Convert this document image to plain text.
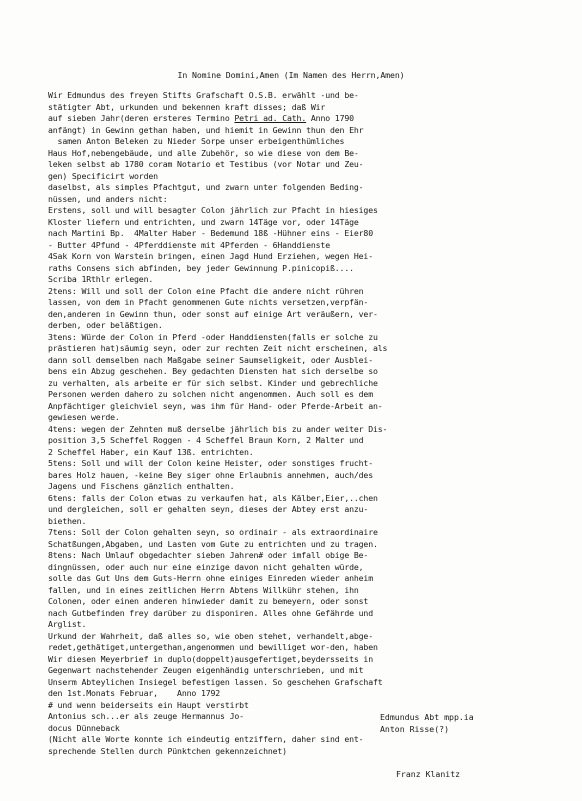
In Nomine Domini,Amen (Im Namen des Herrn,Amen)
Wir Edmundus des freyen Stifts Grafschaft O.S.B. erwählt -und be-
stätigter Abt, urkunden und bekennen kraft disses; daß Wir
auf sieben Jahr(deren ersteres Termino Petri ad. Cath. Anno 1790
anfängt) in Gewinn gethan haben, und hiemit in Gewinn thun den Ehr
samen Anton Beleken zu Nieder Sorpe unser erbeigenthümliches
Haus Hof,nebengebäude, und alle Zubehör, so wie diese von dem Be-
leken selbst ab 1780 coram Notario et Testibus (vor Notar und Zeu-
gen) Specificirt worden
daselbst, als simples Pfachtgut, und zwarn unter folgenden Beding-
nüssen, und anders nicht:
Erstens, soll und will besagter Colon jährlich zur Pfacht in hiesiges
Kloster liefern und entrichten, und zwarn 14Täge vor, oder 14Täge
nach Martini Bp.  4Malter Haber - Bedemund 18ß -Hühner eins - Eier80
- Butter 4Pfund - 4Pferddienste mit 4Pferden - 6Handdienste
4Sak Korn von Warstein bringen, einen Jagd Hund Erziehen, wegen Hei-
raths Consens sich abfinden, bey jeder Gewinnung P.pinicopiß....
Scriba 1Rthlr erlegen.
2tens: Will und soll der Colon eine Pfacht die andere nicht rühren
lassen, von dem in Pfacht genommenen Gute nichts versetzen,verpfän-
den,anderen in Gewinn thun, oder sonst auf einige Art veräußern, ver-
derben, oder beläßtigen.
3tens: Würde der Colon in Pferd -oder Handdiensten(falls er solche zu
prästieren hat)säumig seyn, oder zur rechten Zeit nicht erscheinen, als
dann soll demselben nach Maßgabe seiner Saumseligkeit, oder Ausblei-
bens ein Abzug geschehen. Bey gedachten Diensten hat sich derselbe so
zu verhalten, als arbeite er für sich selbst. Kinder und gebrechliche
Personen werden dahero zu solchen nicht angenommen. Auch soll es dem
Anpfächtiger gleichviel seyn, was ihm für Hand- oder Pferde-Arbeit an-
gewiesen werde.
4tens: wegen der Zehnten muß derselbe jährlich bis zu ander weiter Dis-
position 3,5 Scheffel Roggen - 4 Scheffel Braun Korn, 2 Malter und
2 Scheffel Haber, ein Kauf 13ß. entrichten.
5tens: Soll und will der Colon keine Heister, oder sonstiges frucht-
bares Holz hauen, -keine Bey siger ohne Erlaubnis annehmen, auch/des
Jagens und Fischens gänzlich enthalten.
6tens: falls der Colon etwas zu verkaufen hat, als Kälber,Eier,..chen
und dergleichen, soll er gehalten seyn, dieses der Abtey erst anzu-
biethen.
7tens: Soll der Colon gehalten seyn, so ordinair - als extraordinaire
Schatßungen,Abgaben, und Lasten vom Gute zu entrichten und zu tragen.
8tens: Nach Umlauf obgedachter sieben Jahren# oder imfall obige Be-
dingnüssen, oder auch nur eine einzige davon nicht gehalten würde,
solle das Gut Uns dem Guts-Herrn ohne einiges Einreden wieder anheim
fallen, und in eines zeitlichen Herrn Abtens Willkühr stehen, ihn
Colonen, oder einen anderen hinwieder damit zu bemeyern, oder sonst
nach Gutbefinden frey darüber zu disponiren. Alles ohne Gefährde und
Arglist.
Urkund der Wahrheit, daß alles so, wie oben stehet, verhandelt,abge-
redet,gethätiget,untergethan,angenommen und bewilliget wor-den, haben
Wir diesen Meyerbrief in duplo(doppelt)ausgefertiget,beydersseits in
Gegenwart nachstehender Zeugen eigenhändig unterschrieben, und mit
Unserm Abteylichen Insiegel befestigen lassen. So geschehen Grafschaft
den 1st.Monats Februar,    Anno 1792
# und wenn beiderseits ein Haupt verstirbt
Antonius sch...er als zeuge Hermannus Jo-
docus Dünneback
(Nicht alle Worte konnte ich eindeutig entziffern, daher sind ent-
sprechende Stellen durch Pünktchen gekennzeichnet)
Edmundus Abt mpp.ia
Anton Risse(?)
Franz Klanitz
